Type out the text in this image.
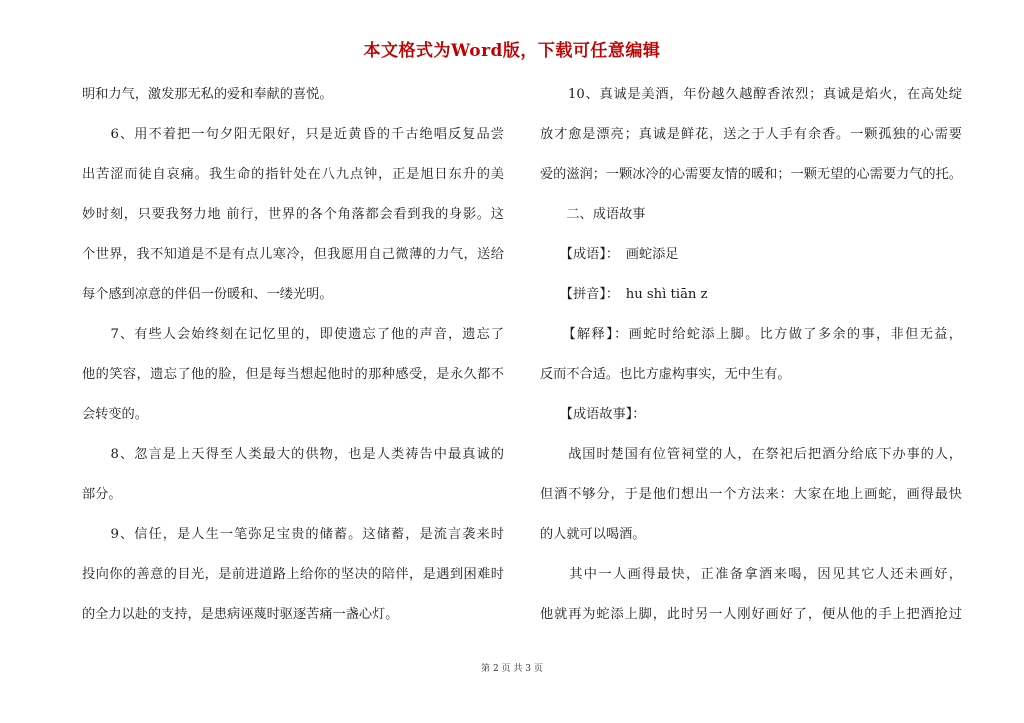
本文格式为Word版，下载可任意编辑
明和力气，激发那无私的爱和奉献的喜悦。
　　6、用不着把一句夕阳无限好，只是近黄昏的千古绝唱反复品尝
出苦涩而徒自哀痛。我生命的指针处在八九点钟，正是旭日东升的美
妙时刻，只要我努力地 前行，世界的各个角落都会看到我的身影。这
个世界，我不知道是不是有点儿寒冷，但我愿用自己微薄的力气，送给
每个感到凉意的伴侣一份暖和、一缕光明。
　　7、有些人会始终刻在记忆里的，即使遗忘了他的声音，遗忘了
他的笑容，遗忘了他的脸，但是每当想起他时的那种感受，是永久都不
会转变的。
　　8、忽言是上天得至人类最大的供物，也是人类祷告中最真诚的
部分。
　　9、信任，是人生一笔弥足宝贵的储蓄。这储蓄，是流言袭来时
投向你的善意的目光，是前进道路上给你的坚决的陪伴，是遇到困难时
的全力以赴的支持，是患病诬蔑时驱逐苦痛一盏心灯。
　　10、真诚是美酒，年份越久越醇香浓烈；真诚是焰火，在高处绽
放才愈是漂亮；真诚是鲜花，送之于人手有余香。一颗孤独的心需要
爱的滋润；一颗冰冷的心需要友情的暖和；一颗无望的心需要力气的托。
　　二、成语故事
　　【成语】：　画蛇添足
　　【拼音】：　hu shì tiān z
　　【解释】：画蛇时给蛇添上脚。比方做了多余的事，非但无益，
反而不合适。也比方虚构事实，无中生有。
　　【成语故事】：
　　战国时楚国有位管祠堂的人，在祭祀后把酒分给底下办事的人，
但酒不够分，于是他们想出一个方法来：大家在地上画蛇，画得最快
的人就可以喝酒。
　　其中一人画得最快，正准备拿酒来喝，因见其它人还未画好，
他就再为蛇添上脚，此时另一人刚好画好了，便从他的手上把酒抢过
第 2 页 共 3 页
